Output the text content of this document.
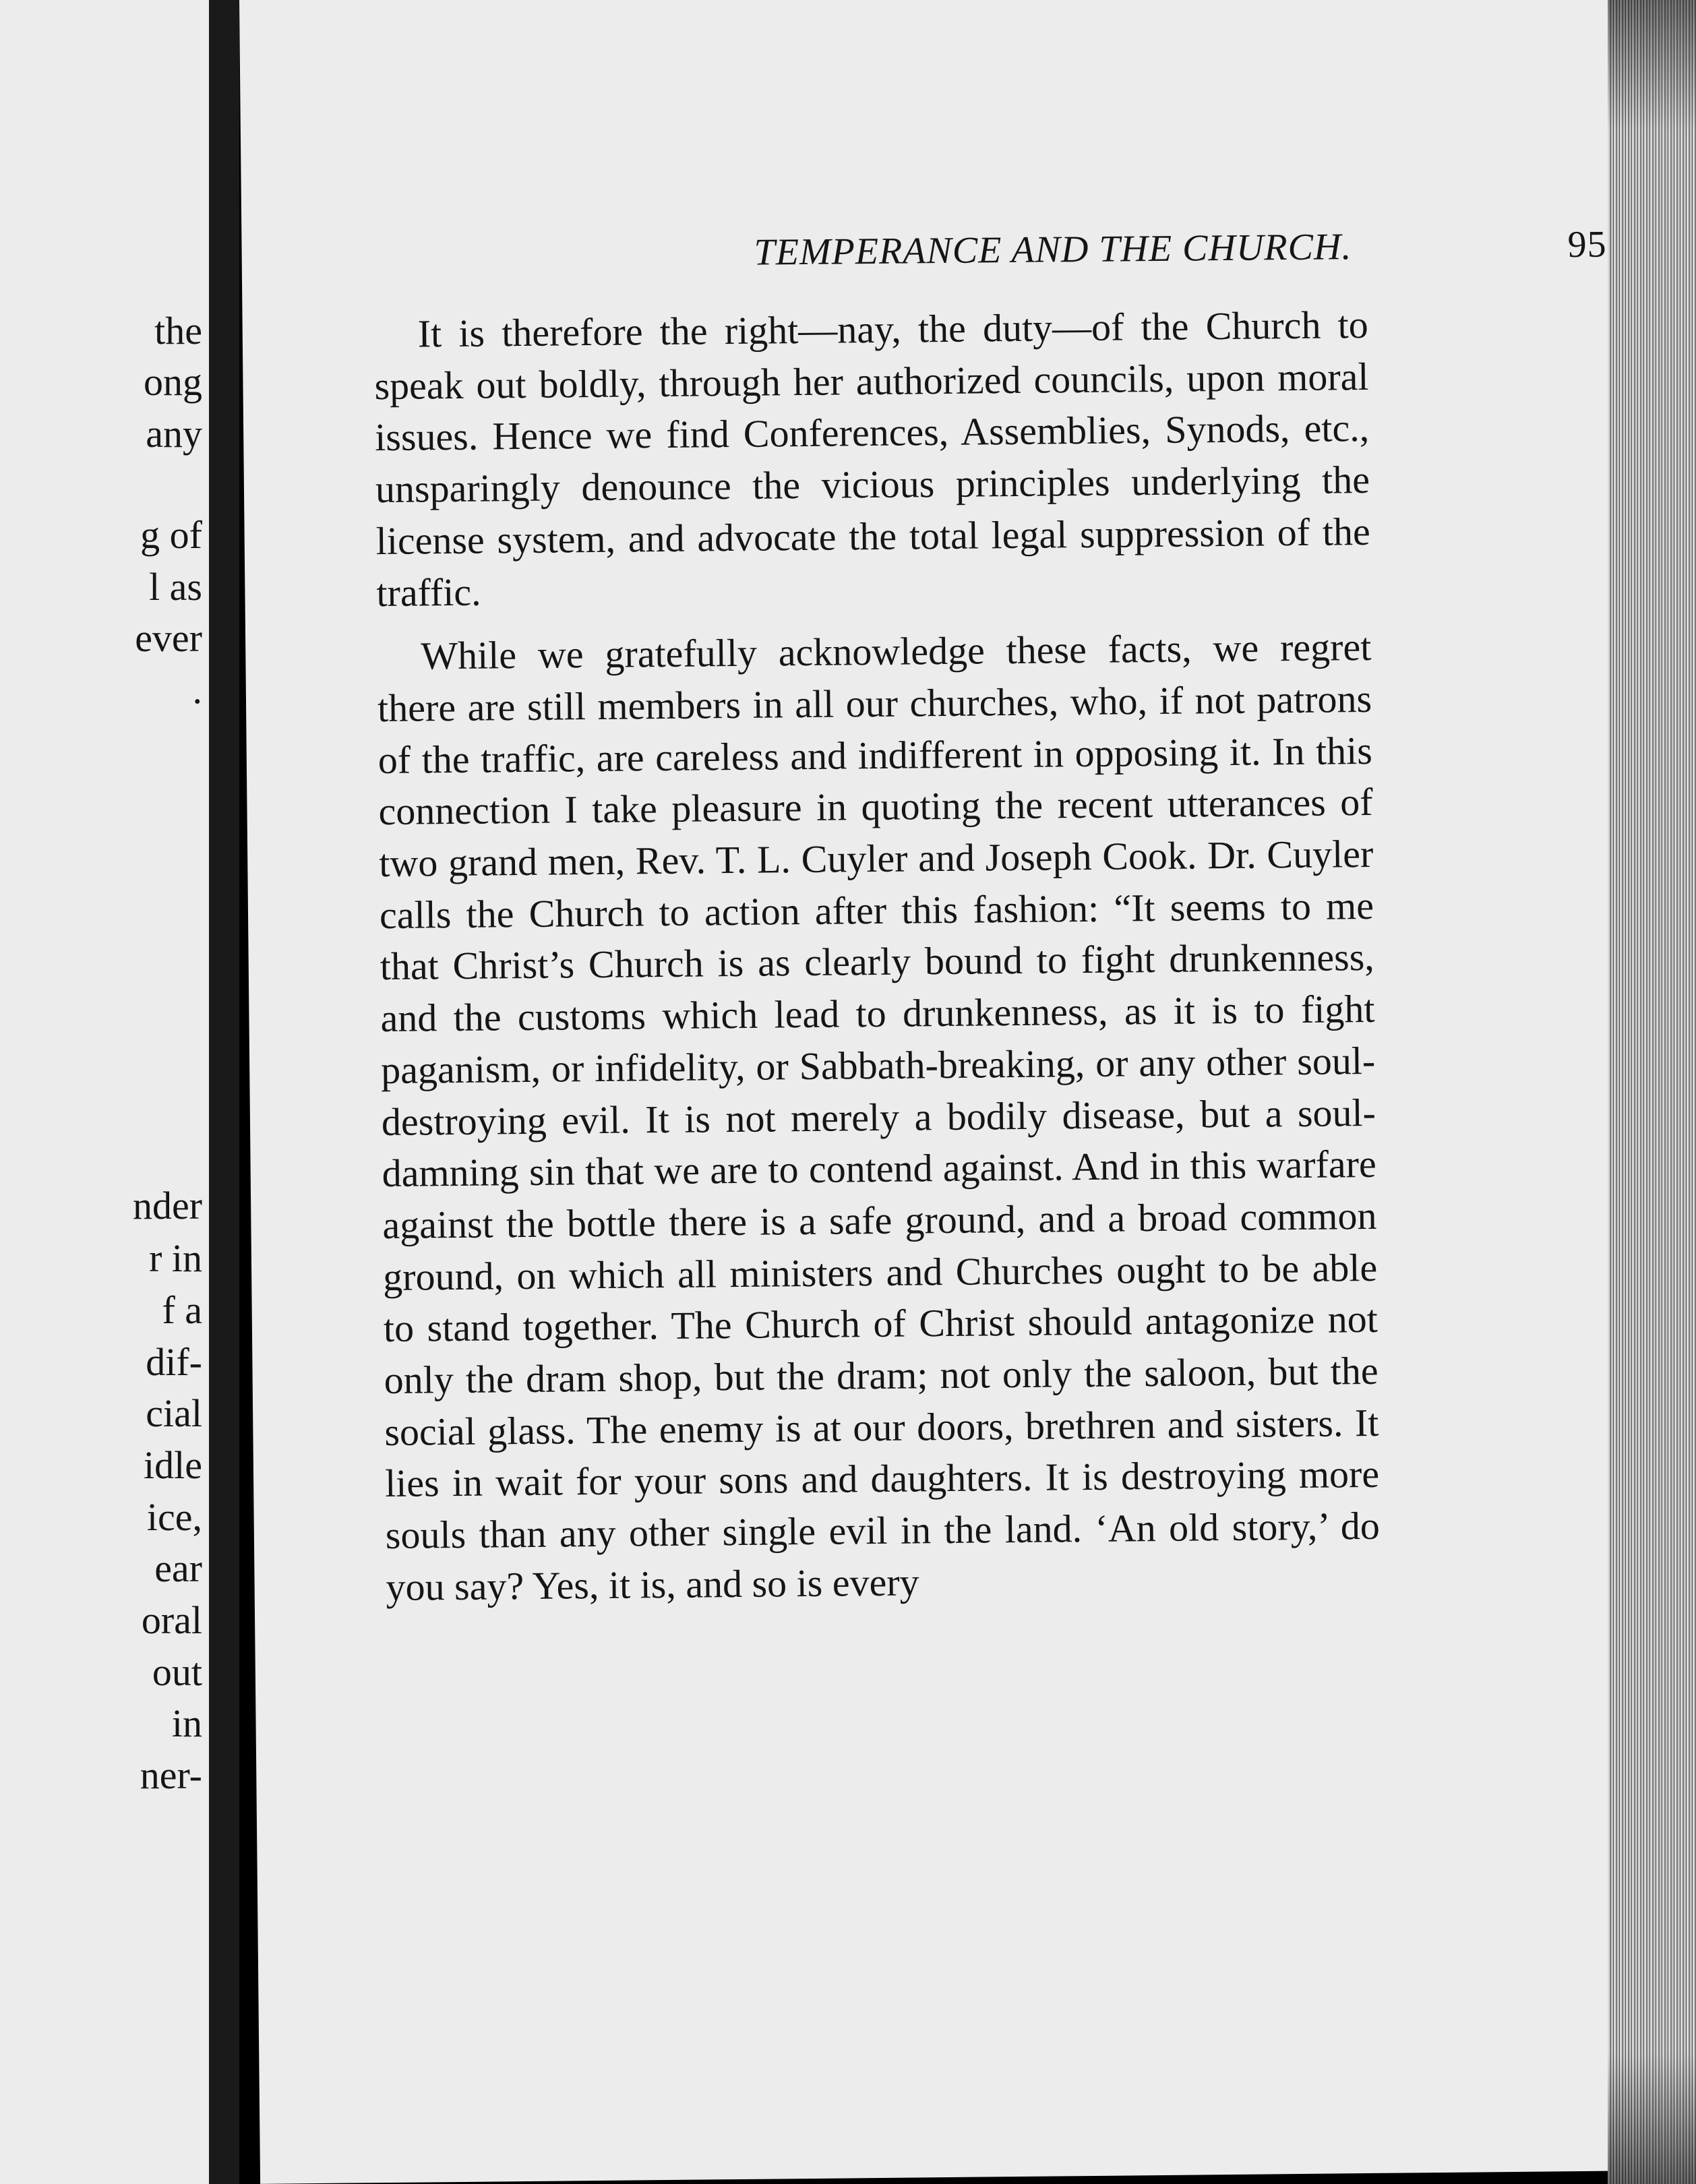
the
ong
any
g of
l as
ever
.
nder
r in
f a
dif-
cial
idle
ice,
ear
oral
out
in
ner-
TEMPERANCE AND THE CHURCH.	95

It is therefore the right—nay, the duty—of the Church to speak out boldly, through her authorized councils, upon moral issues. Hence we find Conferences, Assemblies, Synods, etc., unsparingly denounce the vicious principles underlying the license system, and advocate the total legal suppression of the traffic.

While we gratefully acknowledge these facts, we regret there are still members in all our churches, who, if not patrons of the traffic, are careless and indifferent in opposing it. In this connection I take pleasure in quoting the recent utterances of two grand men, Rev. T. L. Cuyler and Joseph Cook. Dr. Cuyler calls the Church to action after this fashion: “It seems to me that Christ’s Church is as clearly bound to fight drunkenness, and the customs which lead to drunkenness, as it is to fight paganism, or infidelity, or Sabbath-breaking, or any other soul-destroying evil. It is not merely a bodily disease, but a soul-damning sin that we are to contend against. And in this warfare against the bottle there is a safe ground, and a broad common ground, on which all ministers and Churches ought to be able to stand together. The Church of Christ should antagonize not only the dram shop, but the dram; not only the saloon, but the social glass. The enemy is at our doors, brethren and sisters. It lies in wait for your sons and daughters. It is destroying more souls than any other single evil in the land. ‘An old story,’ do you say? Yes, it is, and so is every
